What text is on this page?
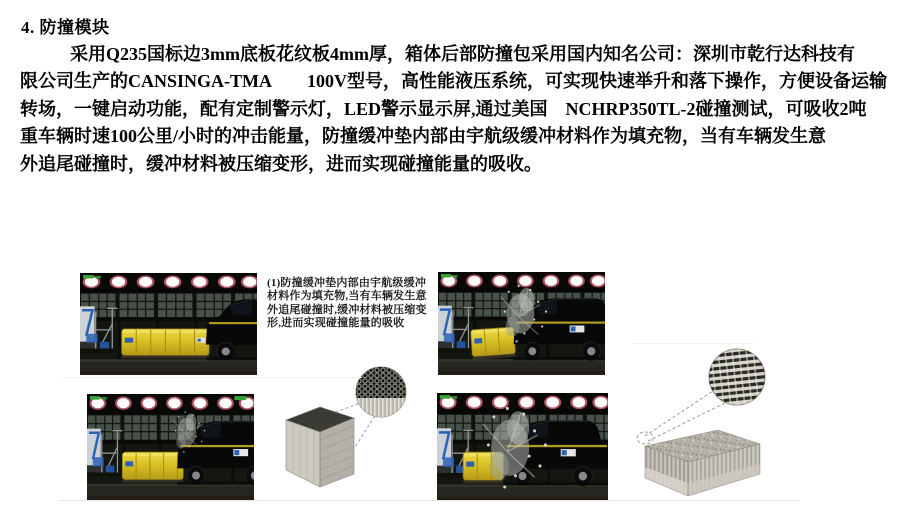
4. 防撞模块
采用Q235国标边3mm底板花纹板4mm厚，箱体后部防撞包采用国内知名公司：深圳市乾行达科技有
限公司生产的CANSINGA-TMA　　100V型号，高性能液压系统，可实现快速举升和落下操作，方便设备运输
转场，一键启动功能，配有定制警示灯，LED警示显示屏,通过美国　NCHRP350TL-2碰撞测试，可吸收2吨
重车辆时速100公里/小时的冲击能量，防撞缓冲垫内部由宇航级缓冲材料作为填充物，当有车辆发生意
外追尾碰撞时，缓冲材料被压缩变形，进而实现碰撞能量的吸收。
(1)防撞缓冲垫内部由宇航级缓冲
材料作为填充物,当有车辆发生意
外追尾碰撞时,缓冲材料被压缩变
形,进而实现碰撞能量的吸收
